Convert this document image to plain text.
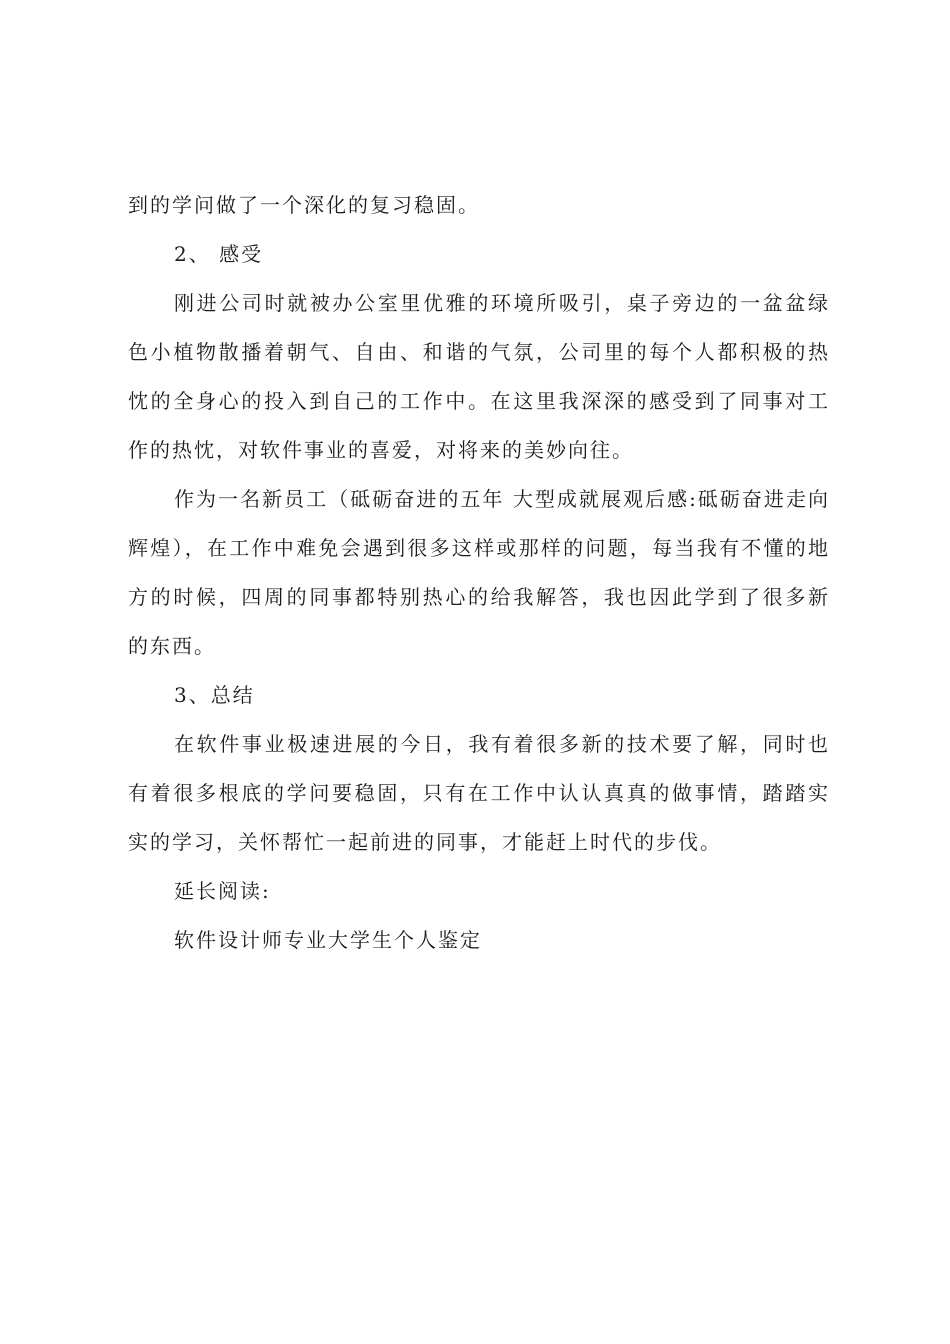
到的学问做了一个深化的复习稳固。

2、 感受

刚进公司时就被办公室里优雅的环境所吸引，桌子旁边的一盆盆绿色小植物散播着朝气、自由、和谐的气氛，公司里的每个人都积极的热忱的全身心的投入到自己的工作中。在这里我深深的感受到了同事对工作的热忱，对软件事业的喜爱，对将来的美妙向往。

作为一名新员工（砥砺奋进的五年 大型成就展观后感:砥砺奋进走向辉煌），在工作中难免会遇到很多这样或那样的问题，每当我有不懂的地方的时候，四周的同事都特别热心的给我解答，我也因此学到了很多新的东西。

3、总结

在软件事业极速进展的今日，我有着很多新的技术要了解，同时也有着很多根底的学问要稳固，只有在工作中认认真真的做事情，踏踏实实的学习，关怀帮忙一起前进的同事，才能赶上时代的步伐。

延长阅读:

软件设计师专业大学生个人鉴定
